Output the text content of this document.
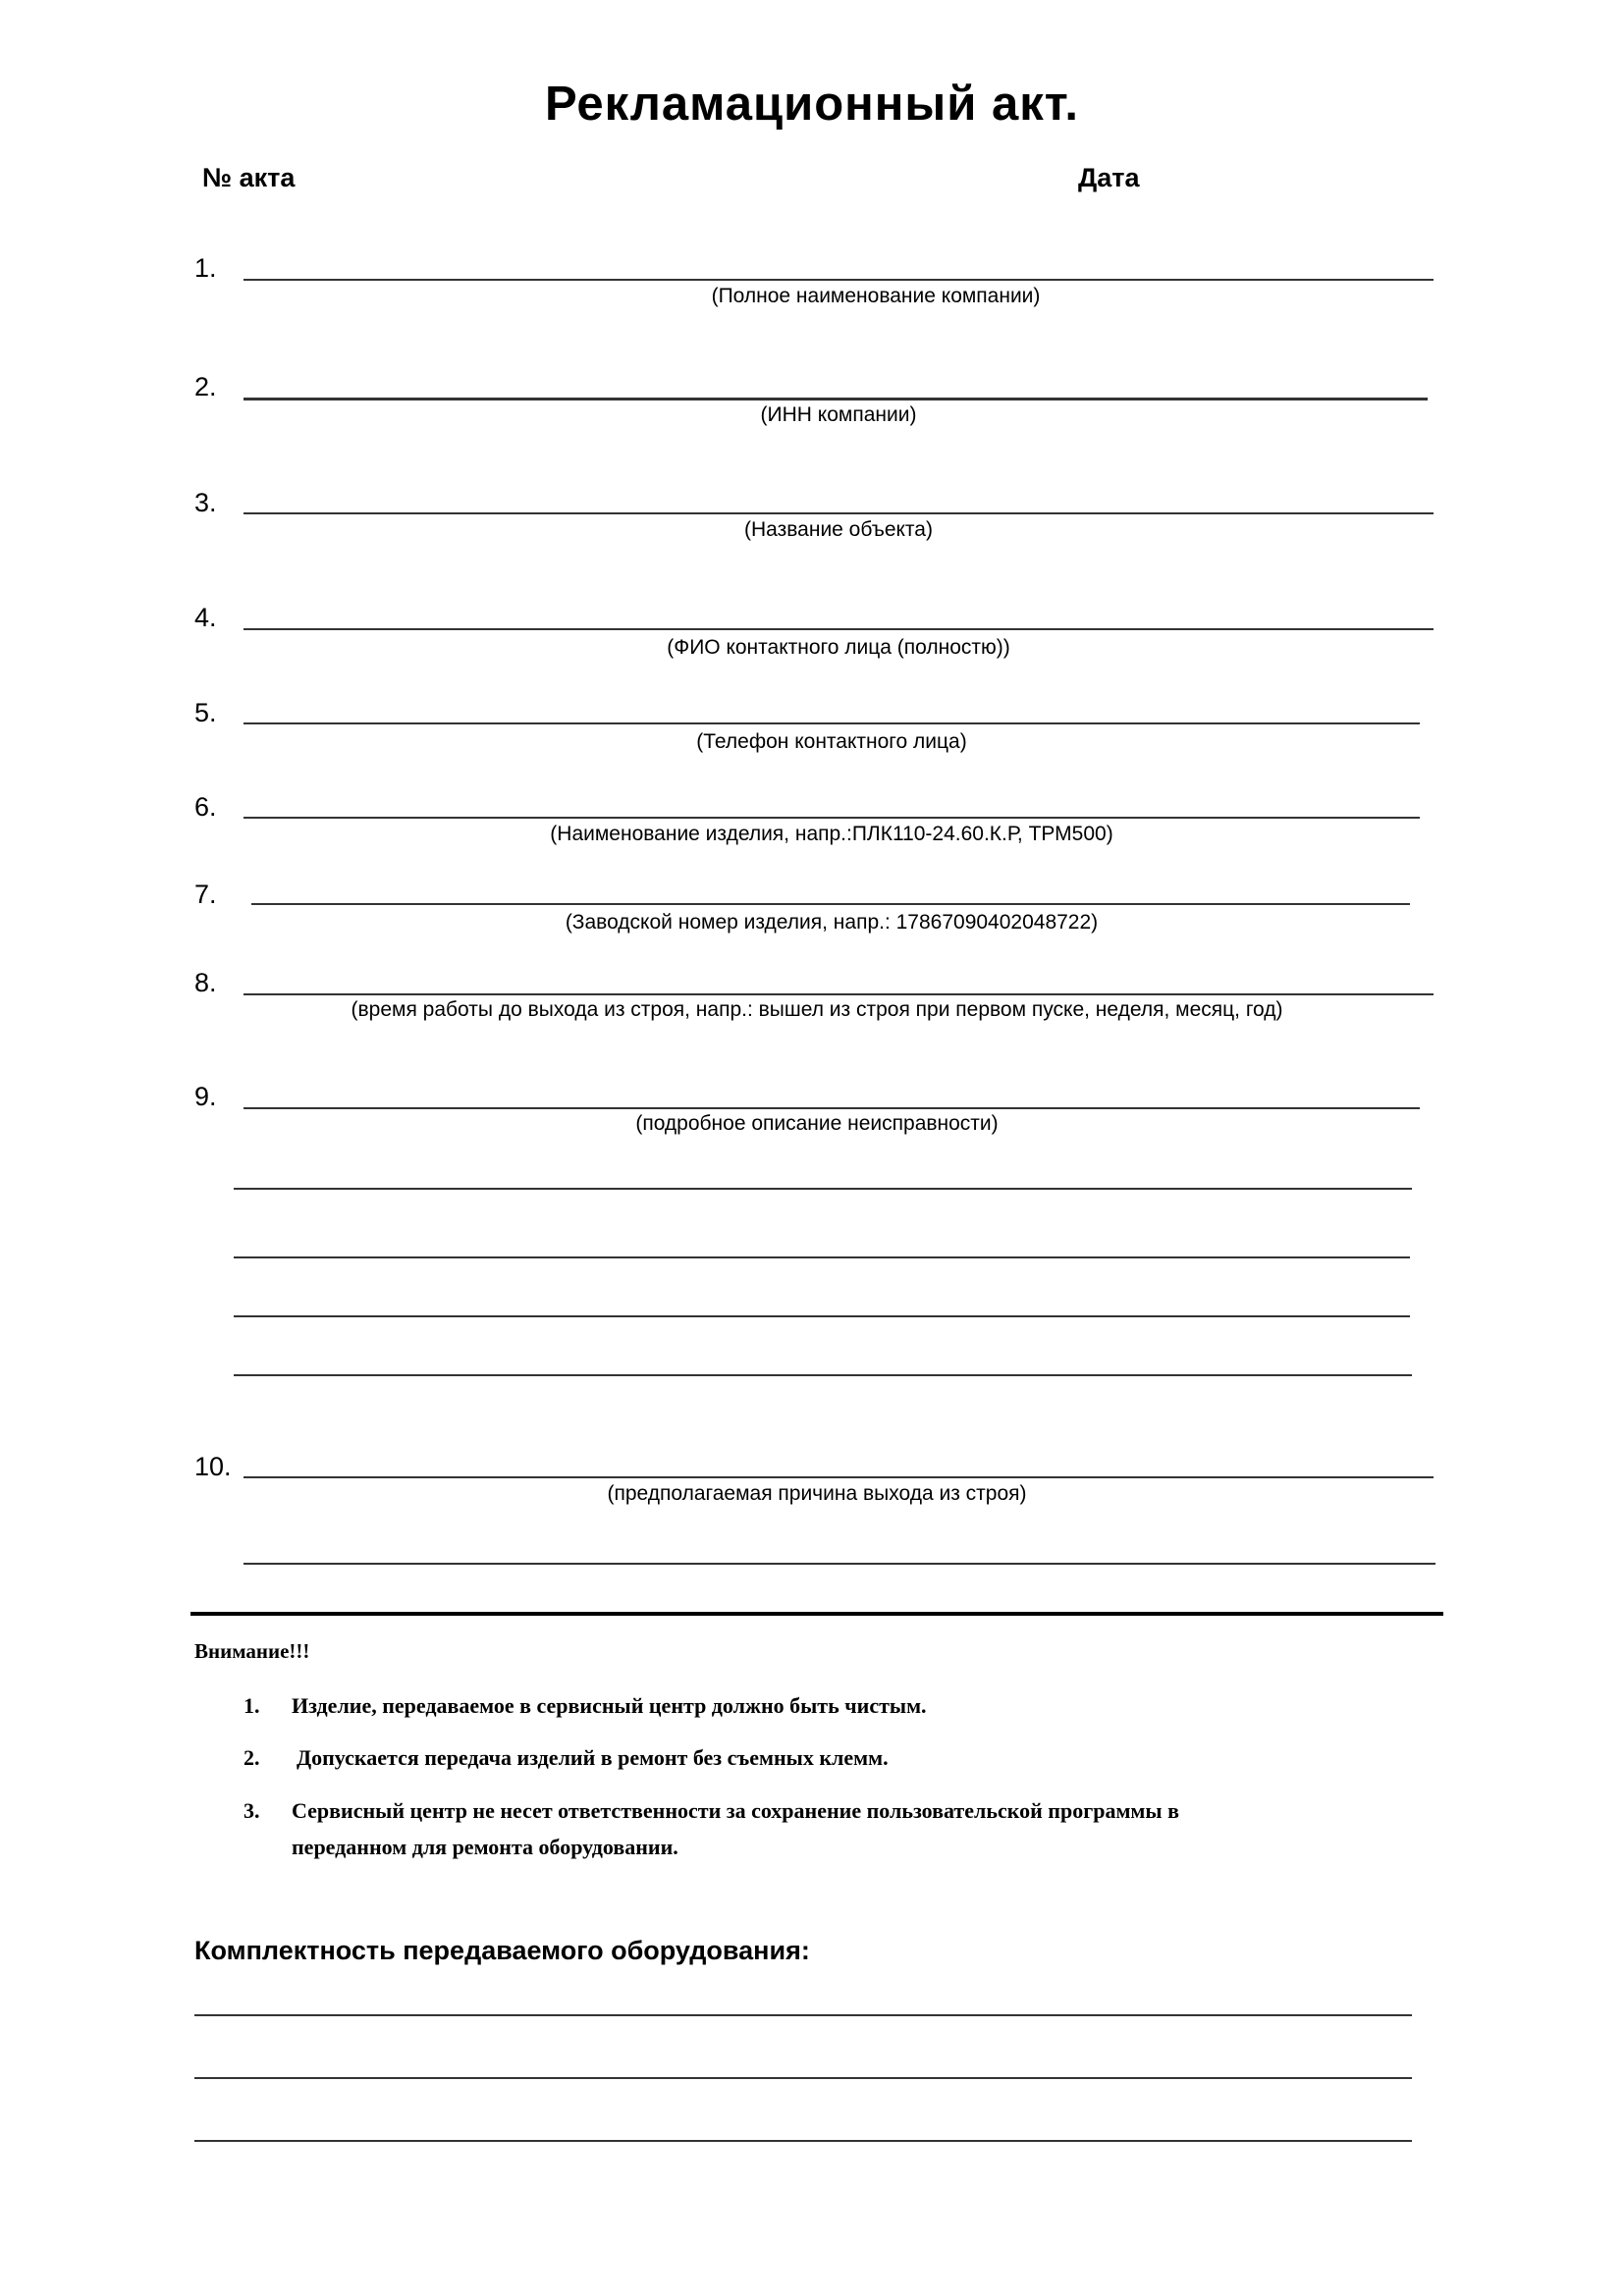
Рекламационный акт.
№ акта	Дата
1.
(Полное наименование компании)
2.
(ИНН компании)
3.
(Название объекта)
4.
(ФИО контактного лица (полностю))
5.
(Телефон контактного лица)
6.
(Наименование изделия, напр.:ПЛК110-24.60.К.Р, ТРМ500)
7.
(Заводской номер изделия, напр.: 17867090402048722)
8.
(время работы до выхода из строя, напр.: вышел из строя при первом пуске, неделя, месяц, год)
9.
(подробное описание неисправности)
10.
(предполагаемая причина выхода из строя)
Внимание!!!
1. Изделие, передаваемое в сервисный центр должно быть чистым.
2. Допускается передача изделий в ремонт без съемных клемм.
3. Сервисный центр не несет ответственности за сохранение пользовательской программы в
переданном для ремонта оборудовании.
Комплектность передаваемого оборудования:
